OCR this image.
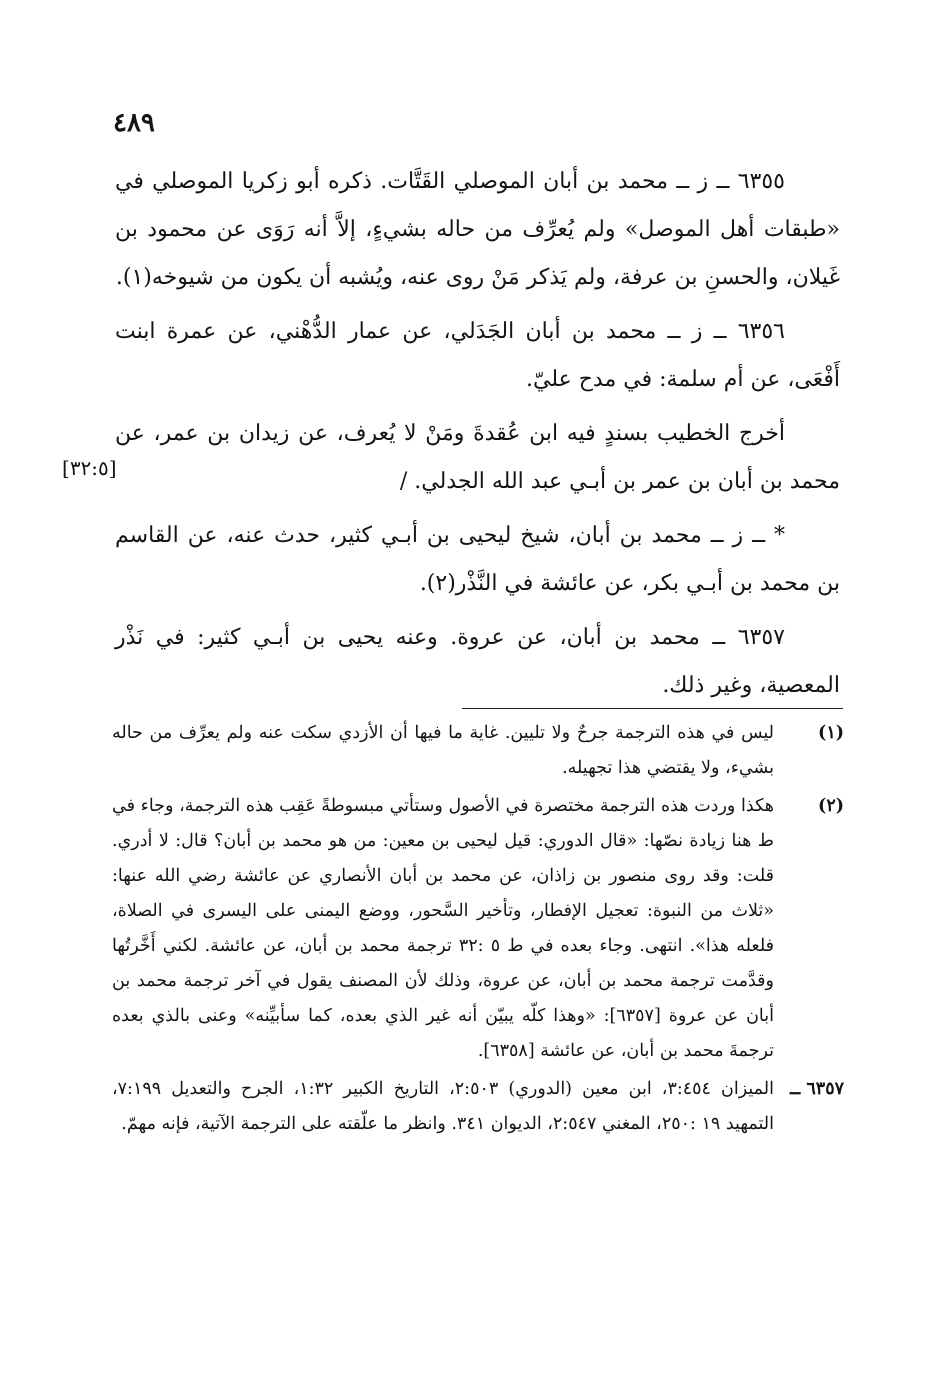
٤٨٩

٦٣٥٥ ــ ز ــ محمد بن أبان الموصلي القَتَّات. ذكره أبو زكريا الموصلي في «طبقات أهل الموصل» ولم يُعرِّف من حاله بشيءٍ، إلاَّ أنه رَوَى عن محمود بن غَيلان، والحسنِ بن عرفة، ولم يَذكر مَنْ روى عنه، ويُشبه أن يكون من شيوخه(١).

٦٣٥٦ ــ ز ــ محمد بن أبان الجَدَلي، عن عمار الدُّهْني، عن عمرة ابنت أَفْعَى، عن أم سلمة: في مدح عليّ.

أخرج الخطيب بسندٍ فيه ابن عُقدةَ ومَنْ لا يُعرف، عن زيدان بن عمر، عن محمد بن أبان بن عمر بن أبـي عبد الله الجدلي. /

* ــ ز ــ محمد بن أبان، شيخ ليحيى بن أبـي كثير، حدث عنه، عن القاسم بن محمد بن أبـي بكر، عن عائشة في النَّذْر(٢).

٦٣٥٧ ــ محمد بن أبان، عن عروة. وعنه يحيى بن أبـي كثير: في نَذْر المعصية، وغير ذلك.

[٣٢:٥]
(١)
ليس في هذه الترجمة جرحٌ ولا تليين. غاية ما فيها أن الأزدي سكت عنه ولم يعرِّف من حاله بشيء، ولا يقتضي هذا تجهيله.
(٢)
هكذا وردت هذه الترجمة مختصرة في الأصول وستأتي مبسوطةً عَقِب هذه الترجمة، وجاء في ط هنا زيادة نصّها: «قال الدوري: قيل ليحيى بن معين: من هو محمد بن أبان؟ قال: لا أدري. قلت: وقد روى منصور بن زاذان، عن محمد بن أبان الأنصاري عن عائشة رضي الله عنها: «ثلاث من النبوة: تعجيل الإفطار، وتأخير السَّحور، ووضع اليمنى على اليسرى في الصلاة، فلعله هذا». انتهى. وجاء بعده في ط ٥ :٣٢ ترجمة محمد بن أبان، عن عائشة. لكني أَخَّرتُها وقدَّمت ترجمة محمد بن أبان، عن عروة، وذلك لأن المصنف يقول في آخر ترجمة محمد بن أبان عن عروة [٦٣٥٧]: «وهذا كلّه يبيّن أنه غير الذي بعده، كما سأبيِّنه» وعنى بالذي بعده ترجمةَ محمد بن أبان، عن عائشة [٦٣٥٨].
٦٣٥٧ ــ
الميزان ٣:٤٥٤، ابن معين (الدوري) ٢:٥٠٣، التاريخ الكبير ١:٣٢، الجرح والتعديل ٧:١٩٩، التمهيد ١٩ :٢٥٠، المغني ٢:٥٤٧، الديوان ٣٤١. وانظر ما علّقته على الترجمة الآتية، فإنه مهمّ.
